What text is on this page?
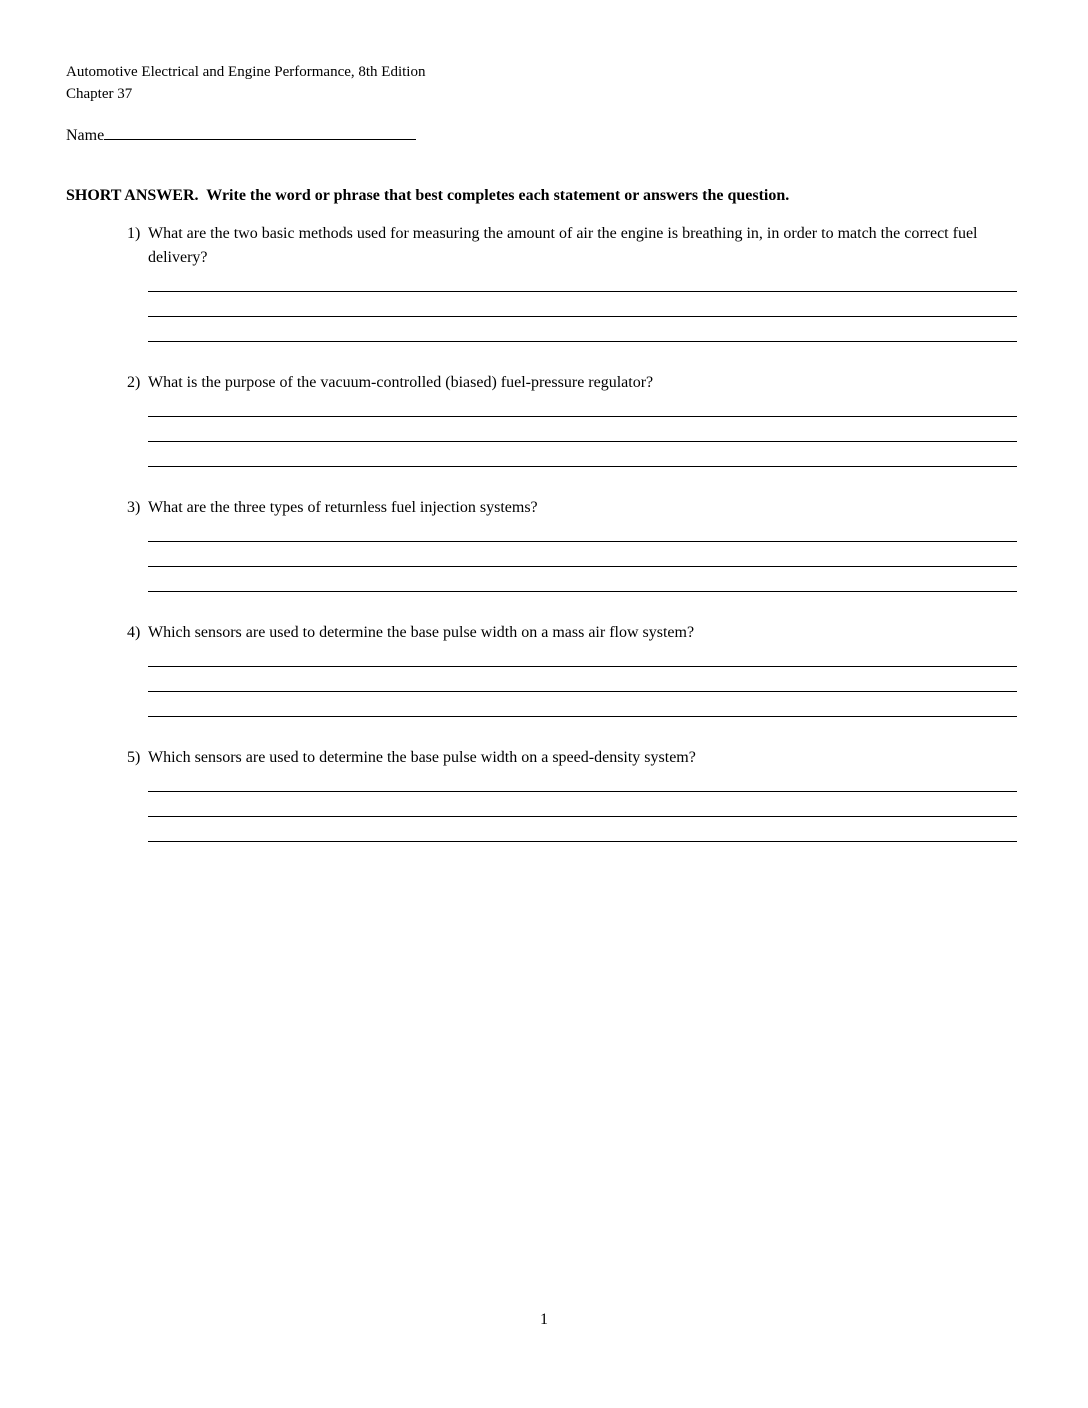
Automotive Electrical and Engine Performance, 8th Edition
Chapter 37
Name
SHORT ANSWER.  Write the word or phrase that best completes each statement or answers the question.
1) What are the two basic methods used for measuring the amount of air the engine is breathing in, in order to match the correct fuel delivery?
2) What is the purpose of the vacuum-controlled (biased) fuel-pressure regulator?
3) What are the three types of returnless fuel injection systems?
4) Which sensors are used to determine the base pulse width on a mass air flow system?
5) Which sensors are used to determine the base pulse width on a speed-density system?
1
